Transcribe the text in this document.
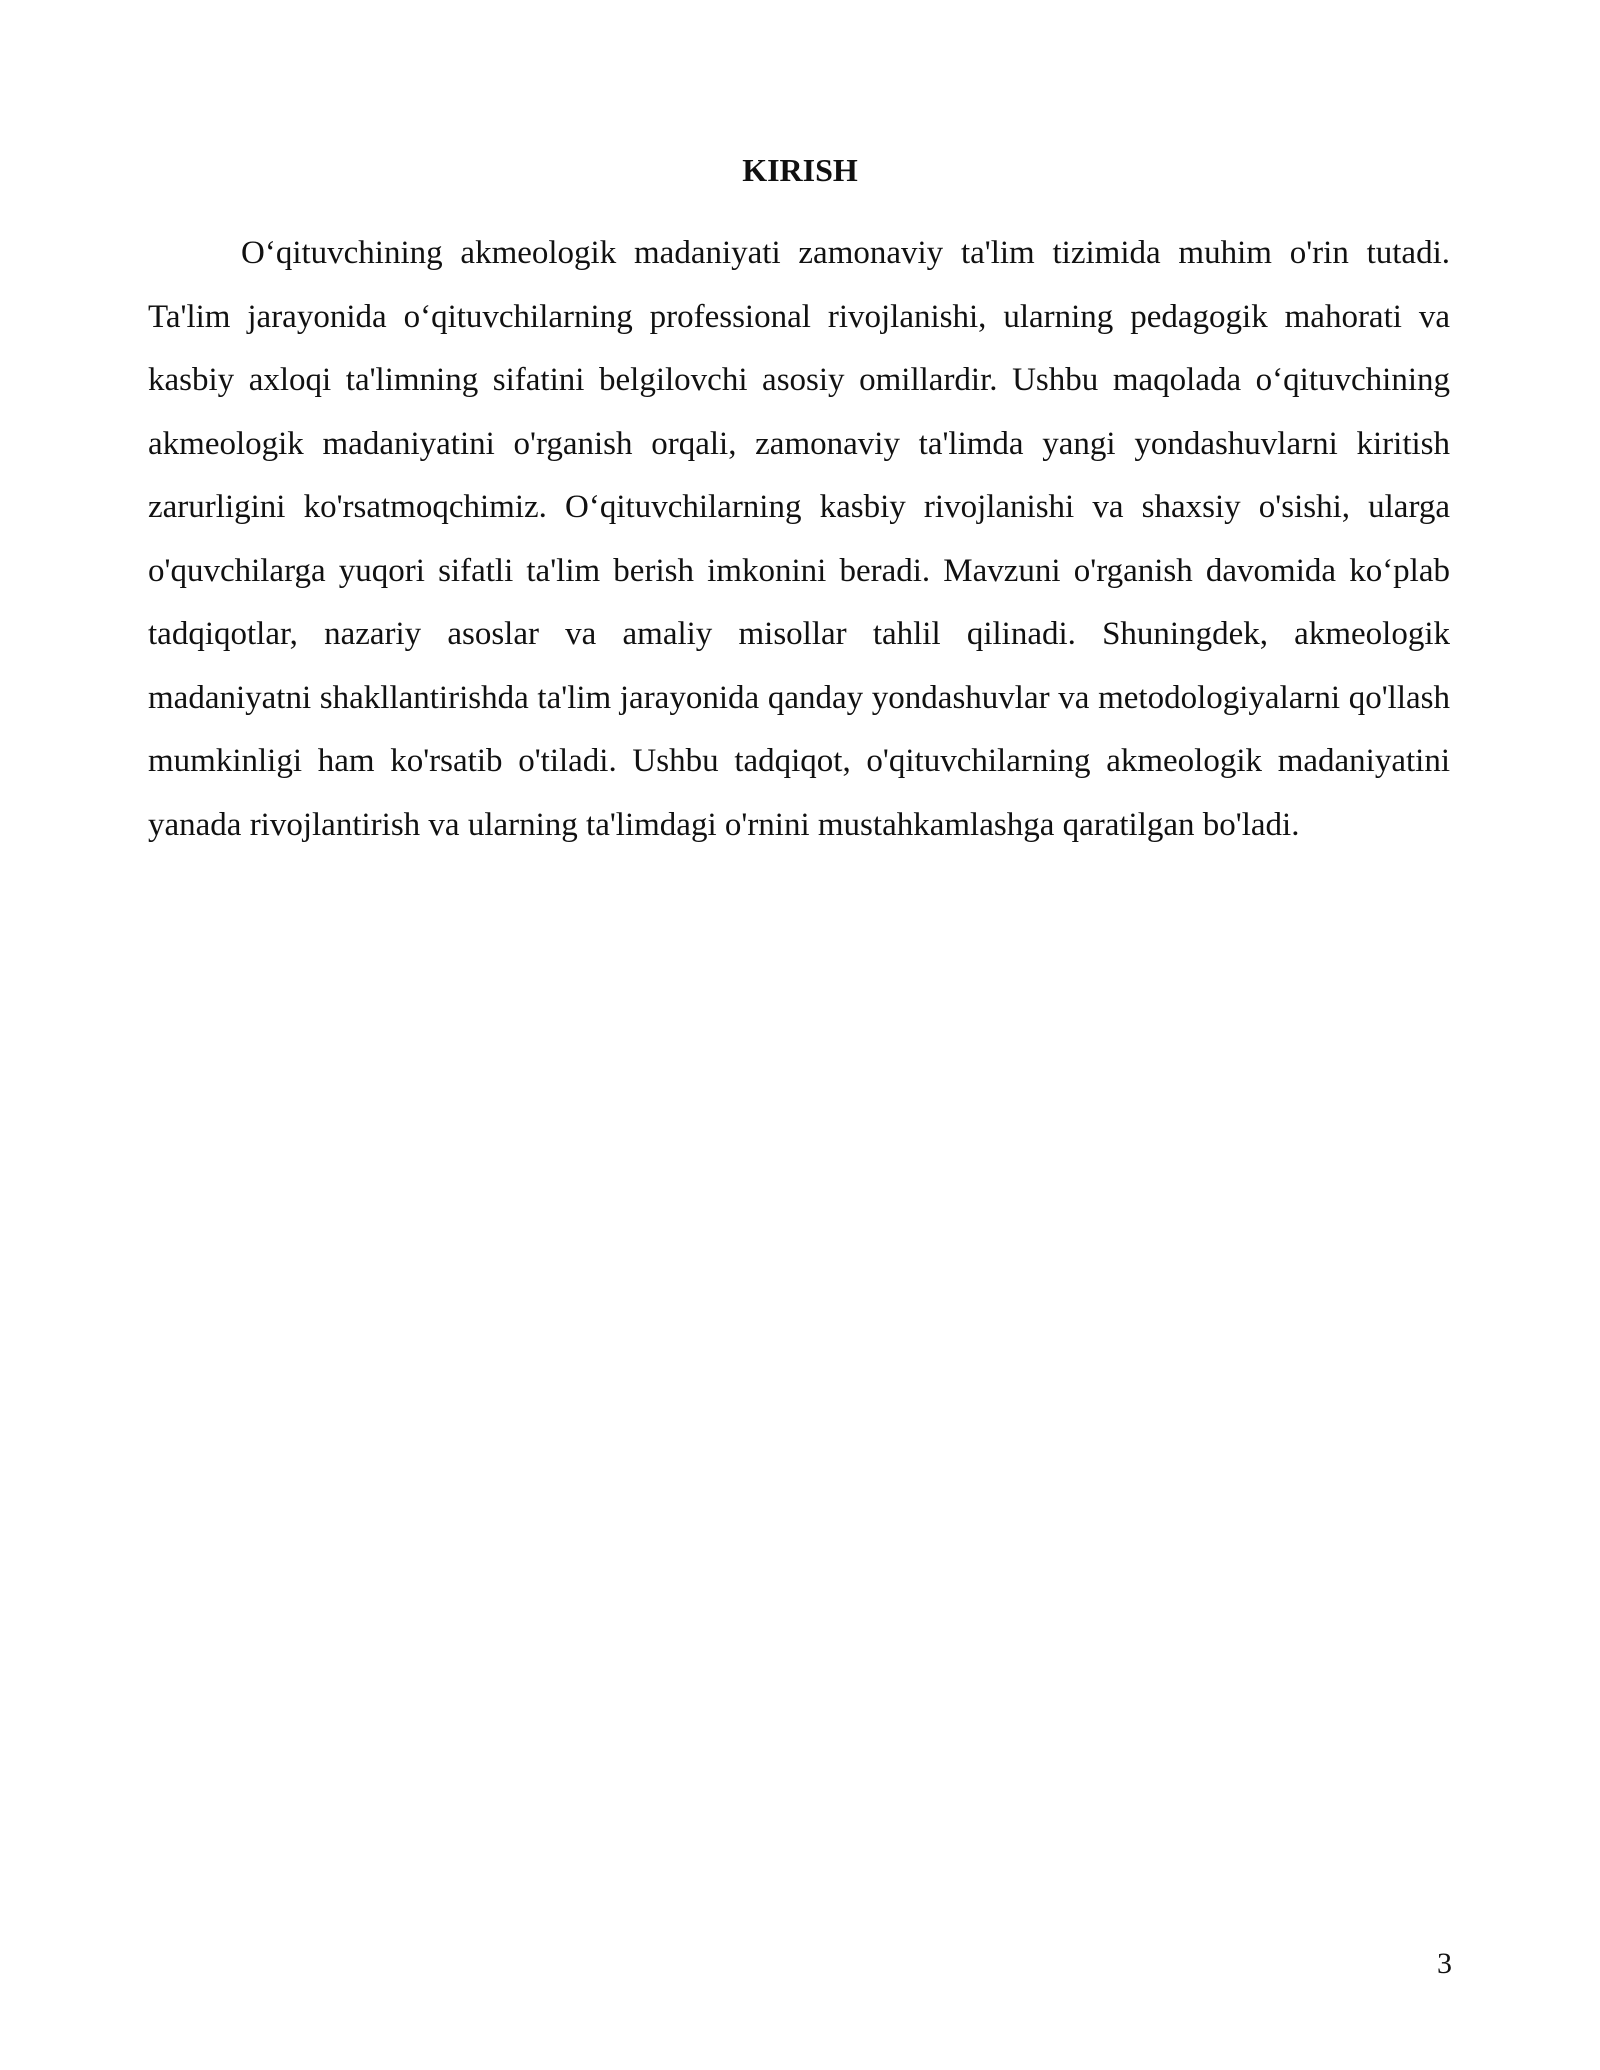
KIRISH

O‘qituvchining akmeologik madaniyati zamonaviy ta'lim tizimida muhim o'rin tutadi. Ta'lim jarayonida o‘qituvchilarning professional rivojlanishi, ularning pedagogik mahorati va kasbiy axloqi ta'limning sifatini belgilovchi asosiy omillardir. Ushbu maqolada o‘qituvchining akmeologik madaniyatini o'rganish orqali, zamonaviy ta'limda yangi yondashuvlarni kiritish zarurligini ko'rsatmoqchimiz. O‘qituvchilarning kasbiy rivojlanishi va shaxsiy o'sishi, ularga o'quvchilarga yuqori sifatli ta'lim berish imkonini beradi. Mavzuni o'rganish davomida ko‘plab tadqiqotlar, nazariy asoslar va amaliy misollar tahlil qilinadi. Shuningdek, akmeologik madaniyatni shakllantirishda ta'lim jarayonida qanday yondashuvlar va metodologiyalarni qo'llash mumkinligi ham ko'rsatib o'tiladi. Ushbu tadqiqot, o'qituvchilarning akmeologik madaniyatini yanada rivojlantirish va ularning ta'limdagi o'rnini mustahkamlashga qaratilgan bo'ladi.

3
